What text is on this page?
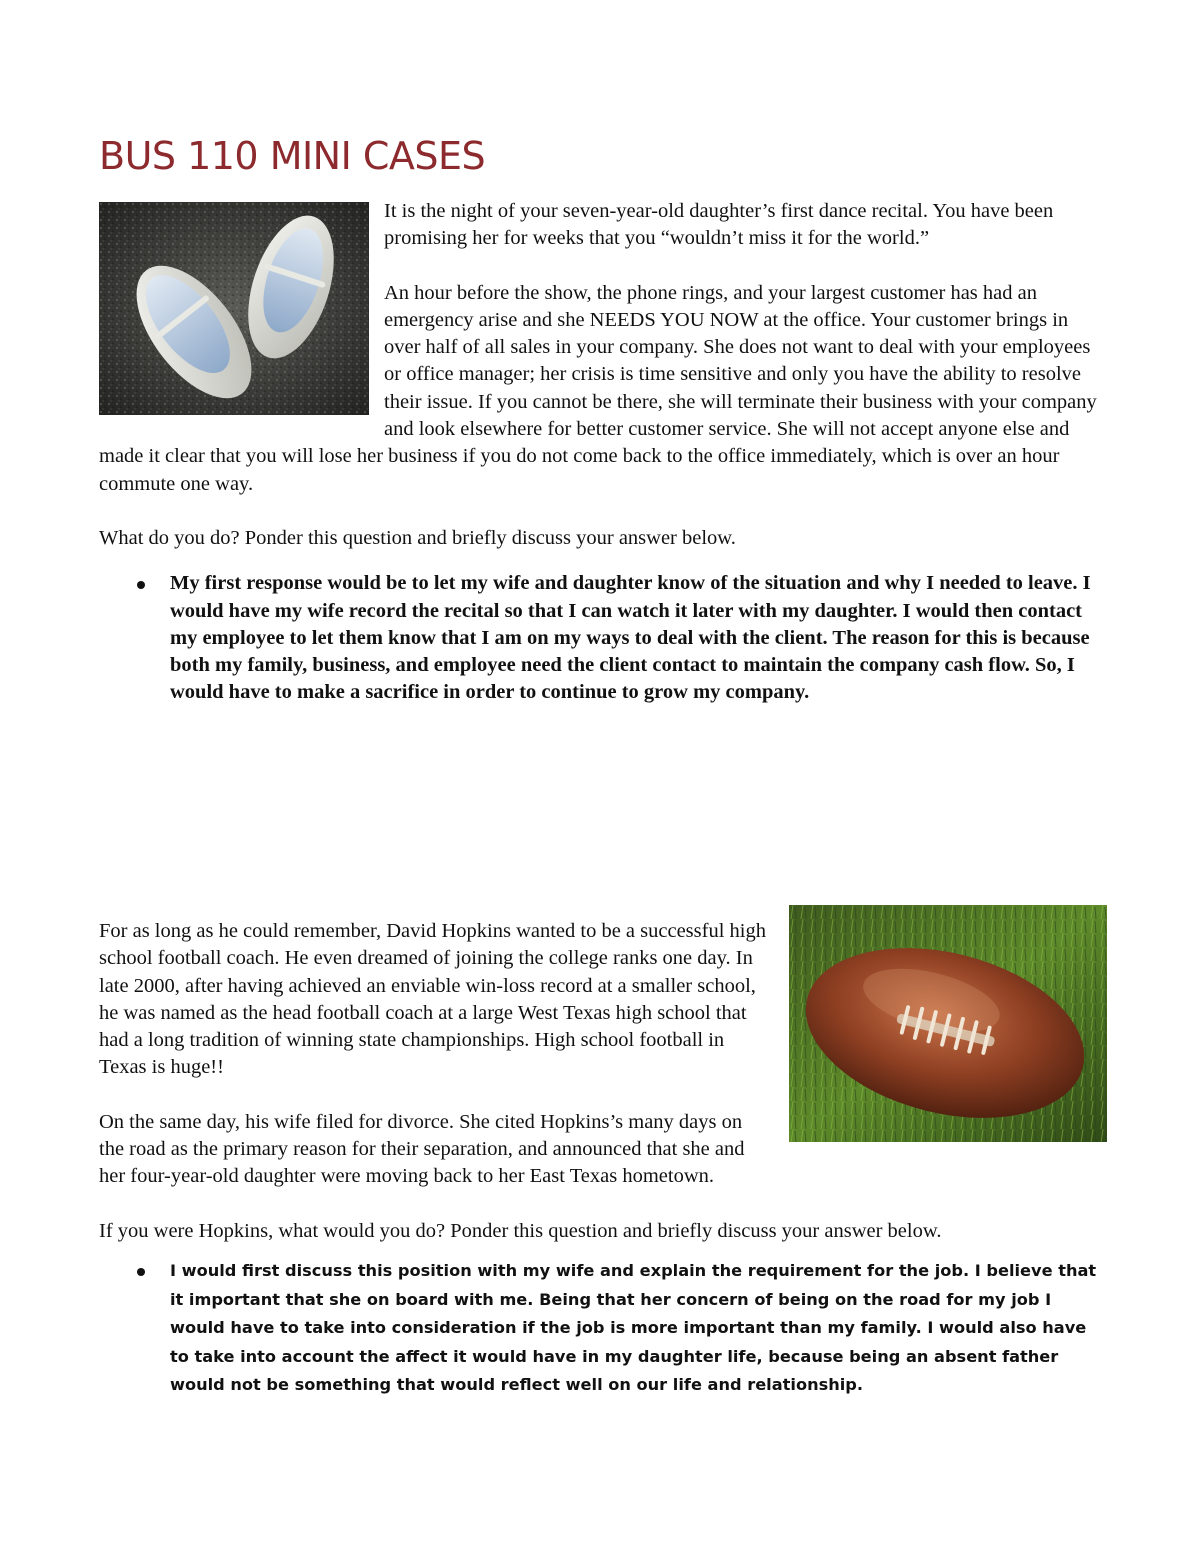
BUS 110 MINI CASES

It is the night of your seven-year-old daughter’s first dance recital. You have been promising her for weeks that you “wouldn’t miss it for the world.”

An hour before the show, the phone rings, and your largest customer has had an emergency arise and she NEEDS YOU NOW at the office. Your customer brings in over half of all sales in your company. She does not want to deal with your employees or office manager; her crisis is time sensitive and only you have the ability to resolve their issue. If you cannot be there, she will terminate their business with your company and look elsewhere for better customer service. She will not accept anyone else and made it clear that you will lose her business if you do not come back to the office immediately, which is over an hour commute one way.

What do you do? Ponder this question and briefly discuss your answer below.

My first response would be to let my wife and daughter know of the situation and why I needed to leave. I would have my wife record the recital so that I can watch it later with my daughter. I would then contact my employee to let them know that I am on my ways to deal with the client. The reason for this is because both my family, business, and employee need the client contact to maintain the company cash flow. So, I would have to make a sacrifice in order to continue to grow my company.

For as long as he could remember, David Hopkins wanted to be a successful high school football coach. He even dreamed of joining the college ranks one day. In late 2000, after having achieved an enviable win-loss record at a smaller school, he was named as the head football coach at a large West Texas high school that had a long tradition of winning state championships. High school football in Texas is huge!!

On the same day, his wife filed for divorce. She cited Hopkins’s many days on the road as the primary reason for their separation, and announced that she and her four-year-old daughter were moving back to her East Texas hometown.

If you were Hopkins, what would you do? Ponder this question and briefly discuss your answer below.

I would first discuss this position with my wife and explain the requirement for the job. I believe that it important that she on board with me. Being that her concern of being on the road for my job I would have to take into consideration if the job is more important than my family. I would also have to take into account the affect it would have in my daughter life, because being an absent father would not be something that would reflect well on our life and relationship.
